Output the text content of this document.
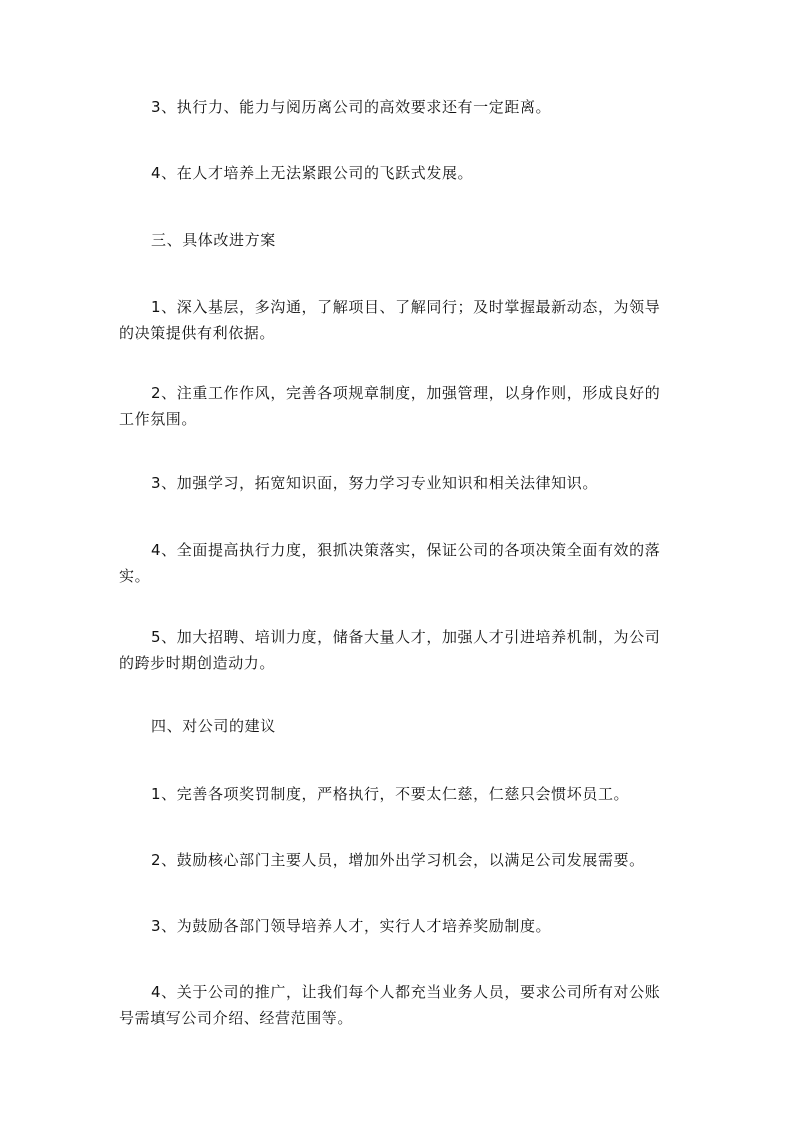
3、执行力、能力与阅历离公司的高效要求还有一定距离。

4、在人才培养上无法紧跟公司的飞跃式发展。

三、具体改进方案

1、深入基层，多沟通，了解项目、了解同行；及时掌握最新动态，为领导的决策提供有利依据。

2、注重工作作风，完善各项规章制度，加强管理，以身作则，形成良好的工作氛围。

3、加强学习，拓宽知识面，努力学习专业知识和相关法律知识。

4、全面提高执行力度，狠抓决策落实，保证公司的各项决策全面有效的落实。

5、加大招聘、培训力度，储备大量人才，加强人才引进培养机制，为公司的跨步时期创造动力。

四、对公司的建议

1、完善各项奖罚制度，严格执行，不要太仁慈，仁慈只会惯坏员工。

2、鼓励核心部门主要人员，增加外出学习机会，以满足公司发展需要。

3、为鼓励各部门领导培养人才，实行人才培养奖励制度。

4、关于公司的推广，让我们每个人都充当业务人员，要求公司所有对公账号需填写公司介绍、经营范围等。
